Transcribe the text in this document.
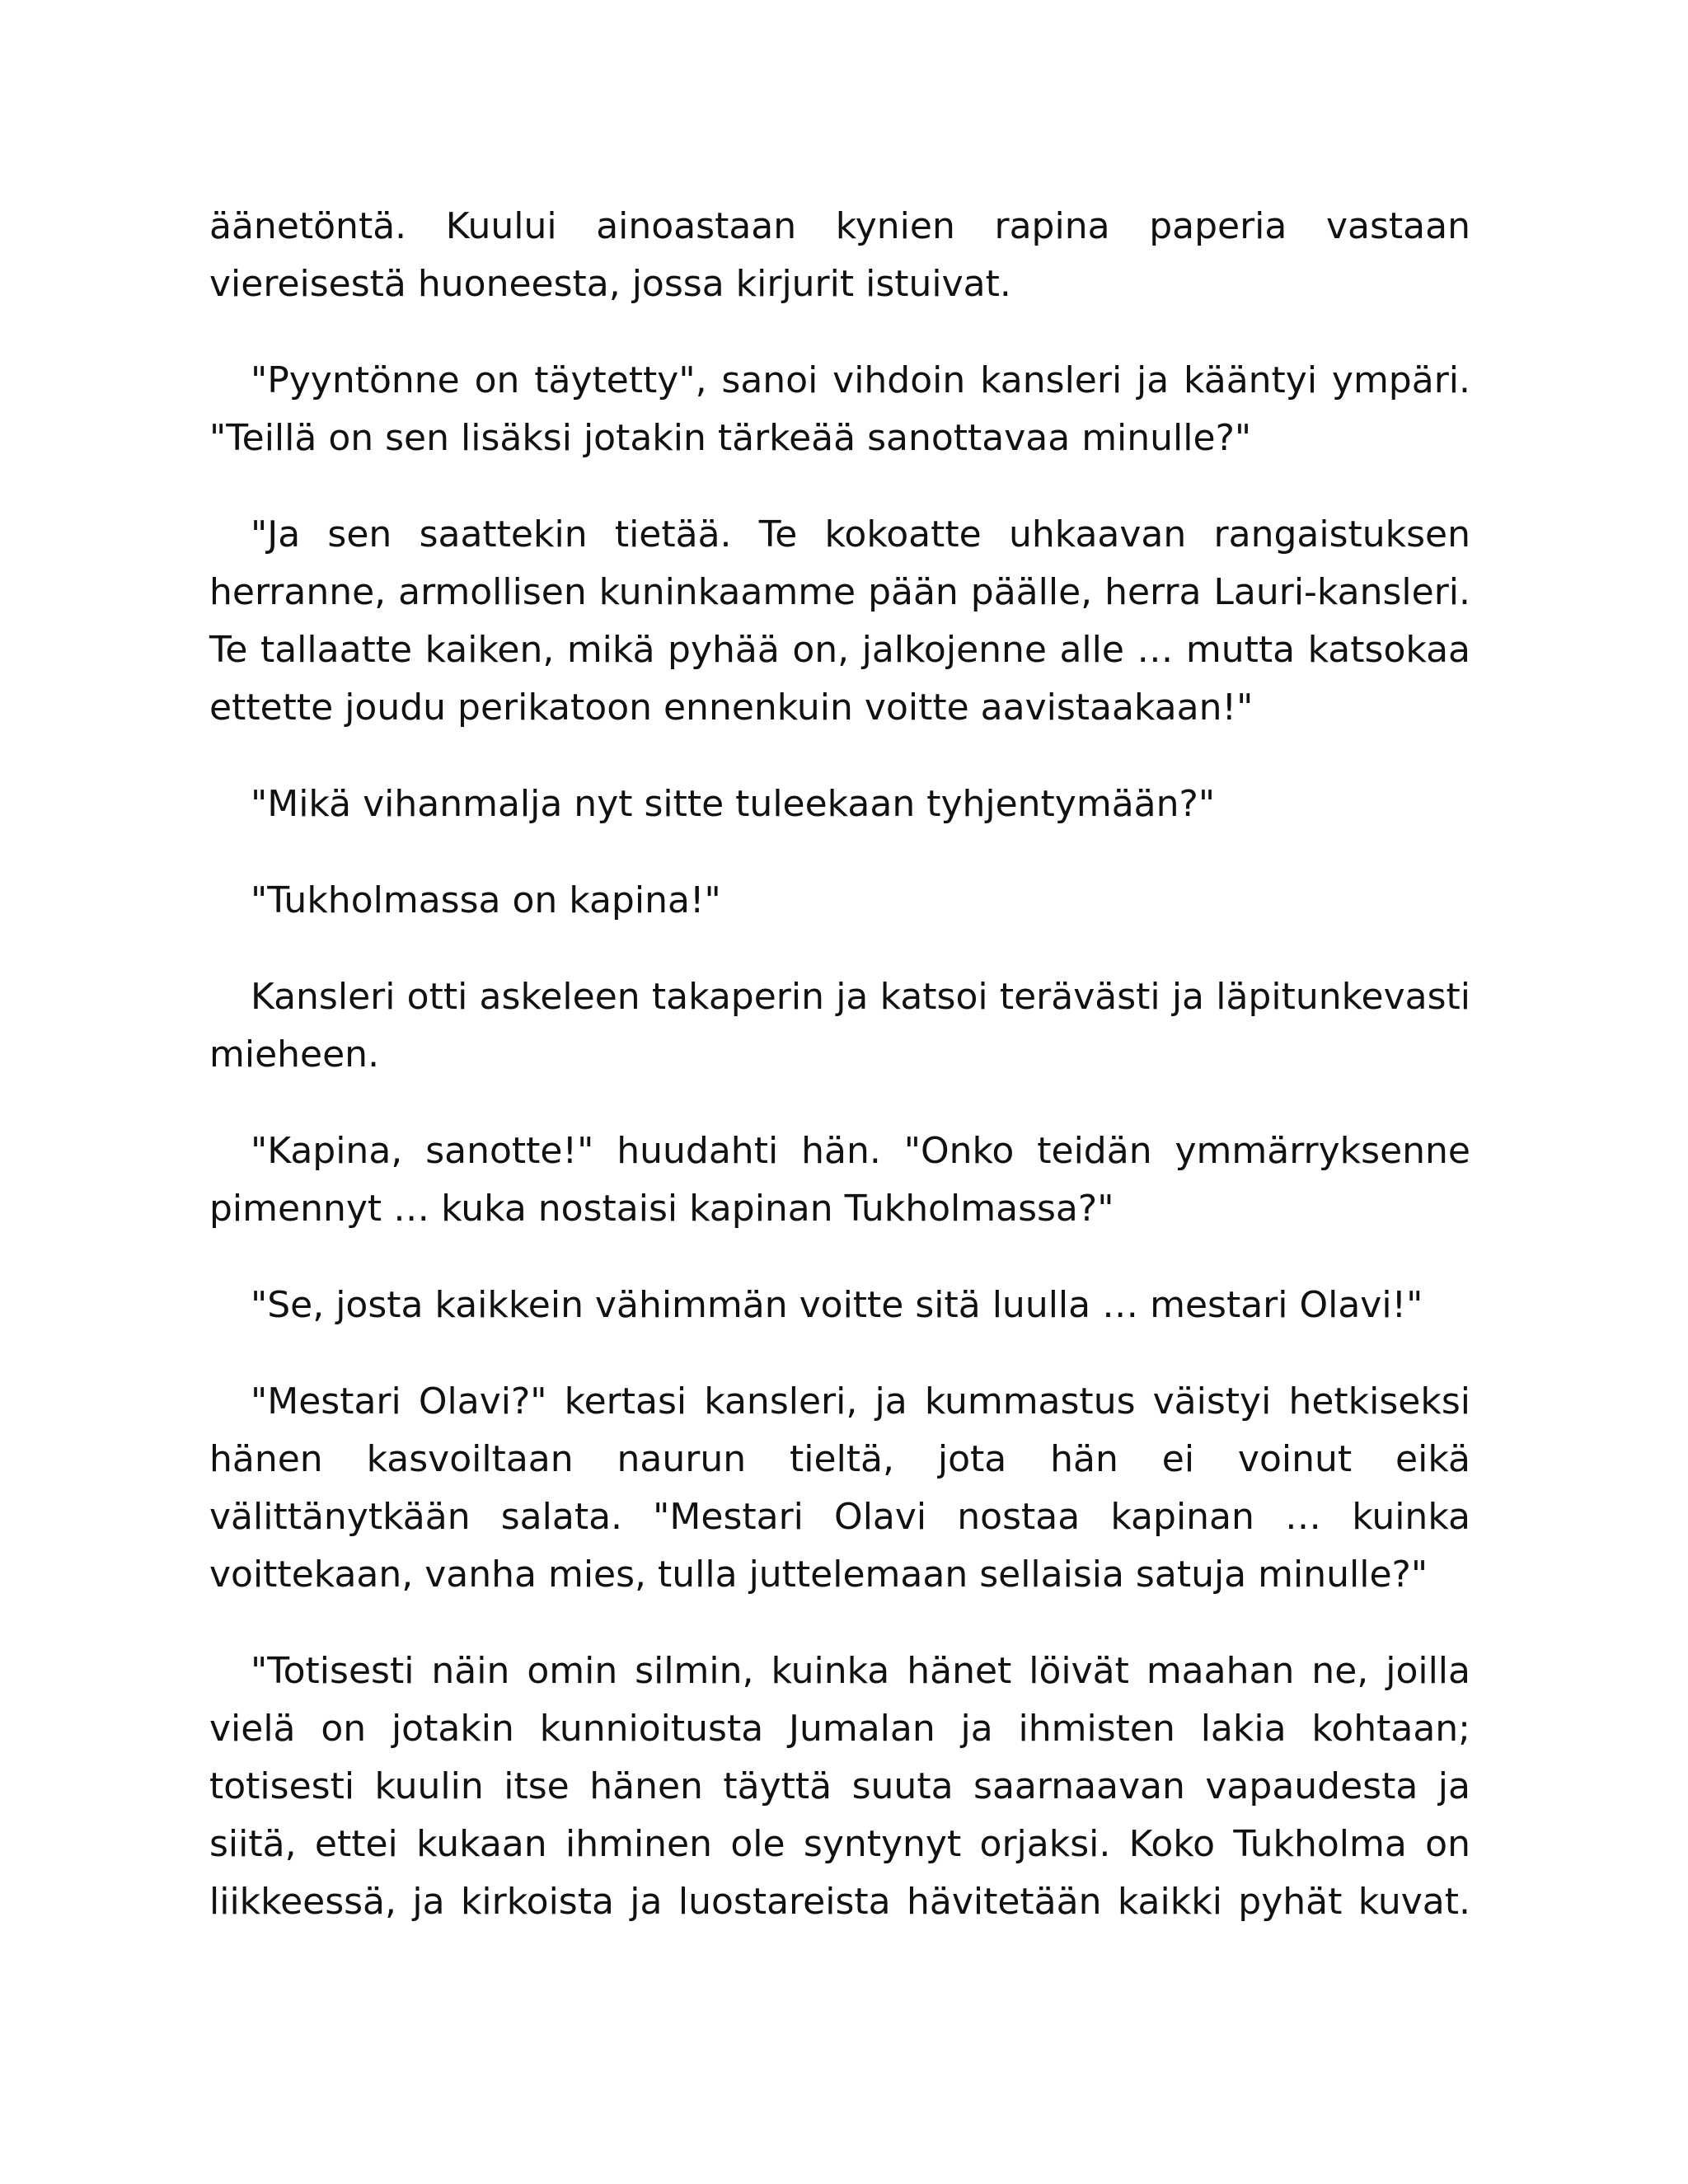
äänetöntä. Kuului ainoastaan kynien rapina paperia vastaan viereisestä huoneesta, jossa kirjurit istuivat.

"Pyyntönne on täytetty", sanoi vihdoin kansleri ja kääntyi ympäri. "Teillä on sen lisäksi jotakin tärkeää sanottavaa minulle?"

"Ja sen saattekin tietää. Te kokoatte uhkaavan rangaistuksen herranne, armollisen kuninkaamme pään päälle, herra Lauri-kansleri. Te tallaatte kaiken, mikä pyhää on, jalkojenne alle … mutta katsokaa ettette joudu perikatoon ennenkuin voitte aavistaakaan!"

"Mikä vihanmalja nyt sitte tuleekaan tyhjentymään?"

"Tukholmassa on kapina!"

Kansleri otti askeleen takaperin ja katsoi terävästi ja läpitunkevasti mieheen.

"Kapina, sanotte!" huudahti hän. "Onko teidän ymmärryksenne pimennyt … kuka nostaisi kapinan Tukholmassa?"

"Se, josta kaikkein vähimmän voitte sitä luulla … mestari Olavi!"

"Mestari Olavi?" kertasi kansleri, ja kummastus väistyi hetkiseksi hänen kasvoiltaan naurun tieltä, jota hän ei voinut eikä välittänytkään salata. "Mestari Olavi nostaa kapinan … kuinka voittekaan, vanha mies, tulla juttelemaan sellaisia satuja minulle?"

"Totisesti näin omin silmin, kuinka hänet löivät maahan ne, joilla vielä on jotakin kunnioitusta Jumalan ja ihmisten lakia kohtaan; totisesti kuulin itse hänen täyttä suuta saarnaavan vapaudesta ja siitä, ettei kukaan ihminen ole syntynyt orjaksi. Koko Tukholma on liikkeessä, ja kirkoista ja luostareista hävitetään kaikki pyhät kuvat.
